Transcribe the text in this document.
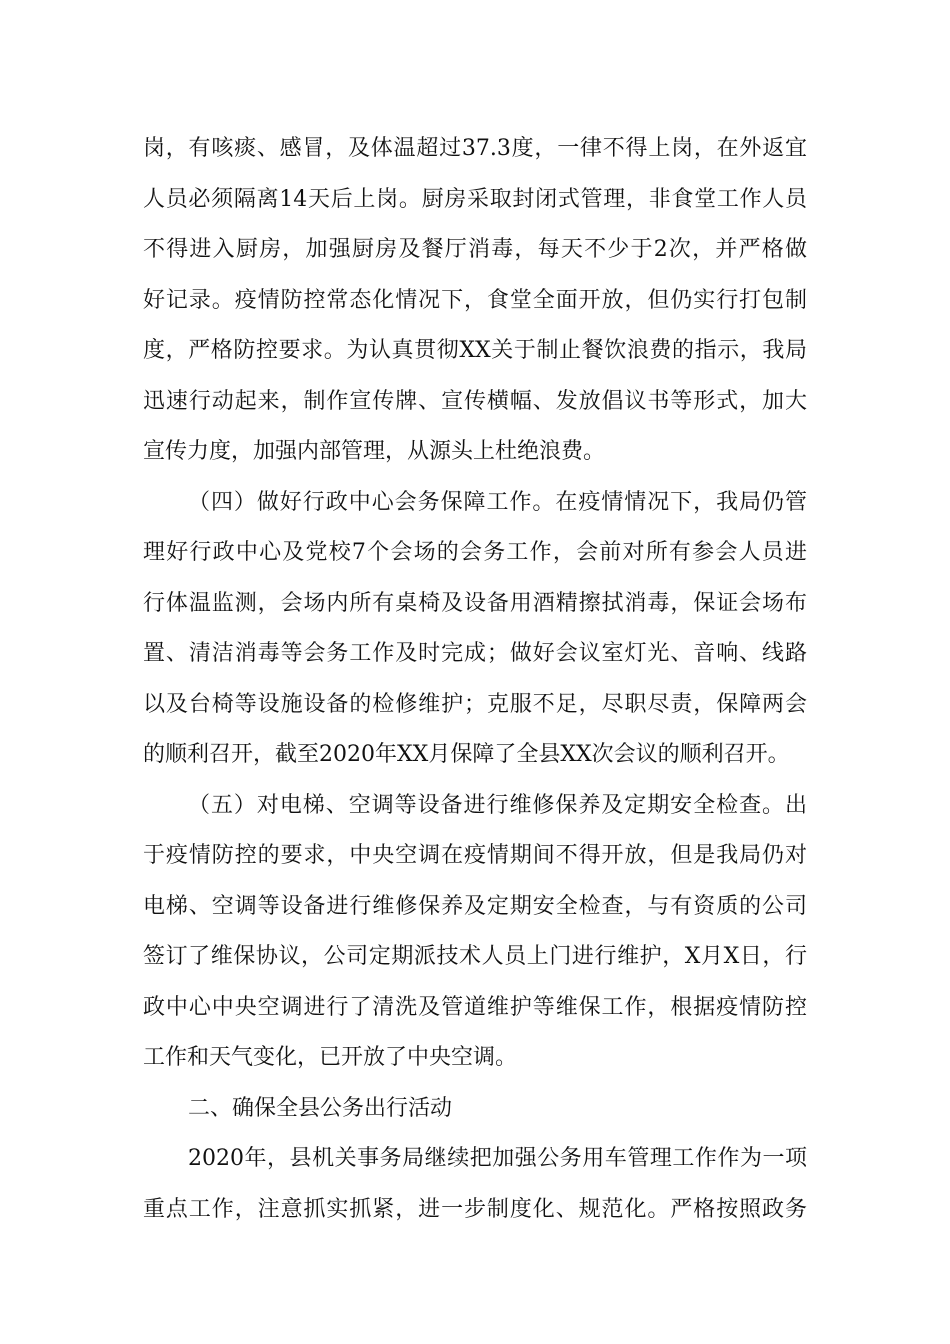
岗，有咳痰、感冒，及体温超过37.3度，一律不得上岗，在外返宜
人员必须隔离14天后上岗。厨房采取封闭式管理，非食堂工作人员
不得进入厨房，加强厨房及餐厅消毒，每天不少于2次，并严格做
好记录。疫情防控常态化情况下，食堂全面开放，但仍实行打包制
度，严格防控要求。为认真贯彻XX关于制止餐饮浪费的指示，我局
迅速行动起来，制作宣传牌、宣传横幅、发放倡议书等形式，加大
宣传力度，加强内部管理，从源头上杜绝浪费。
（四）做好行政中心会务保障工作。在疫情情况下，我局仍管
理好行政中心及党校7个会场的会务工作，会前对所有参会人员进
行体温监测，会场内所有桌椅及设备用酒精擦拭消毒，保证会场布
置、清洁消毒等会务工作及时完成；做好会议室灯光、音响、线路
以及台椅等设施设备的检修维护；克服不足，尽职尽责，保障两会
的顺利召开，截至2020年XX月保障了全县XX次会议的顺利召开。
（五）对电梯、空调等设备进行维修保养及定期安全检查。出
于疫情防控的要求，中央空调在疫情期间不得开放，但是我局仍对
电梯、空调等设备进行维修保养及定期安全检查，与有资质的公司
签订了维保协议，公司定期派技术人员上门进行维护，X月X日，行
政中心中央空调进行了清洗及管道维护等维保工作，根据疫情防控
工作和天气变化，已开放了中央空调。
二、确保全县公务出行活动
2020年，县机关事务局继续把加强公务用车管理工作作为一项
重点工作，注意抓实抓紧，进一步制度化、规范化。严格按照政务
